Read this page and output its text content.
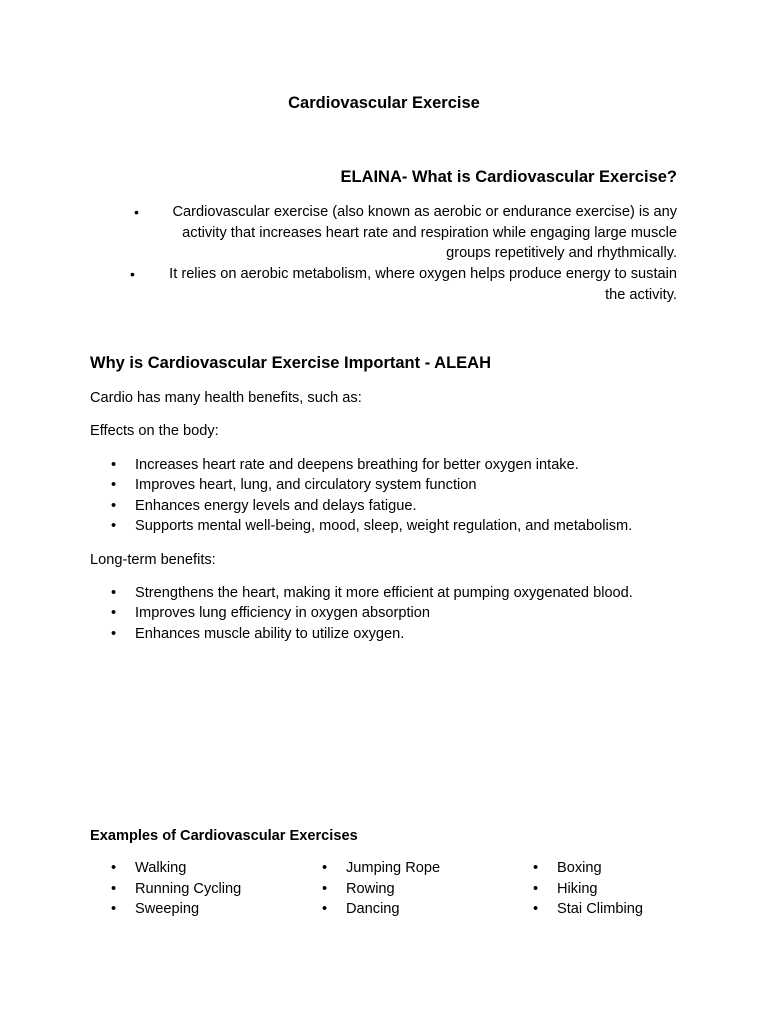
Cardiovascular Exercise
ELAINA- What is Cardiovascular Exercise?
• Cardiovascular exercise (also known as aerobic or endurance exercise) is any activity that increases heart rate and respiration while engaging large muscle groups repetitively and rhythmically.
• It relies on aerobic metabolism, where oxygen helps produce energy to sustain the activity.
Why is Cardiovascular Exercise Important - ALEAH

Cardio has many health benefits, such as:

Effects on the body:

• Increases heart rate and deepens breathing for better oxygen intake.
• Improves heart, lung, and circulatory system function
• Enhances energy levels and delays fatigue.
• Supports mental well-being, mood, sleep, weight regulation, and metabolism.

Long-term benefits:

• Strengthens the heart, making it more efficient at pumping oxygenated blood.
• Improves lung efficiency in oxygen absorption
• Enhances muscle ability to utilize oxygen.
Examples of Cardiovascular Exercises
• Walking
• Running Cycling
• Sweeping
• Jumping Rope
• Rowing
• Dancing
• Boxing
• Hiking
• Stai Climbing
